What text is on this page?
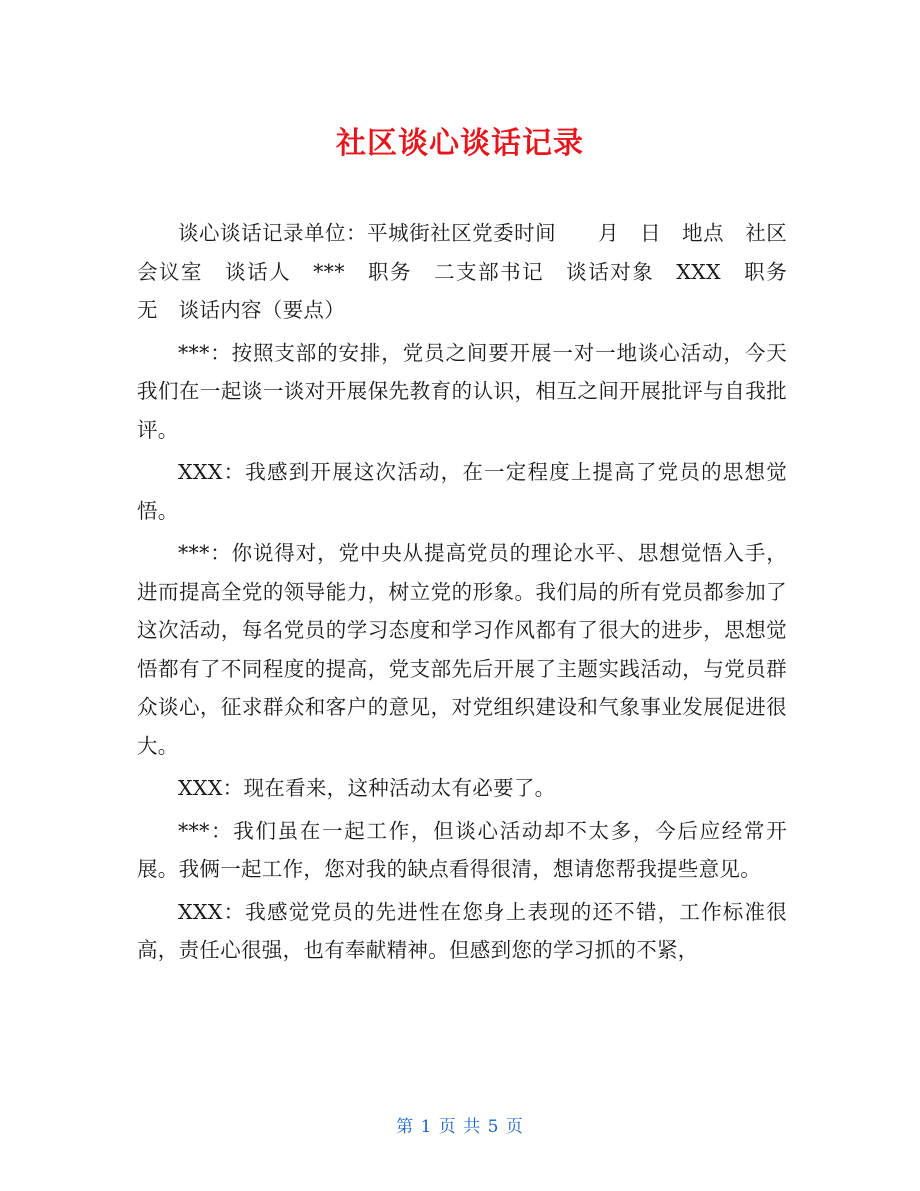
社区谈心谈话记录

谈心谈话记录单位：平城街社区党委时间　　月　日　地点　社区会议室　谈话人　***　职务　二支部书记　谈话对象　XXX　职务　无　谈话内容（要点）

***：按照支部的安排，党员之间要开展一对一地谈心活动，今天我们在一起谈一谈对开展保先教育的认识，相互之间开展批评与自我批评。

XXX：我感到开展这次活动，在一定程度上提高了党员的思想觉悟。

***：你说得对，党中央从提高党员的理论水平、思想觉悟入手，进而提高全党的领导能力，树立党的形象。我们局的所有党员都参加了这次活动，每名党员的学习态度和学习作风都有了很大的进步，思想觉悟都有了不同程度的提高，党支部先后开展了主题实践活动，与党员群众谈心，征求群众和客户的意见，对党组织建设和气象事业发展促进很大。

XXX：现在看来，这种活动太有必要了。

***：我们虽在一起工作，但谈心活动却不太多，今后应经常开展。我俩一起工作，您对我的缺点看得很清，想请您帮我提些意见。

XXX：我感觉党员的先进性在您身上表现的还不错，工作标准很高，责任心很强，也有奉献精神。但感到您的学习抓的不紧，

第 1 页 共 5 页
